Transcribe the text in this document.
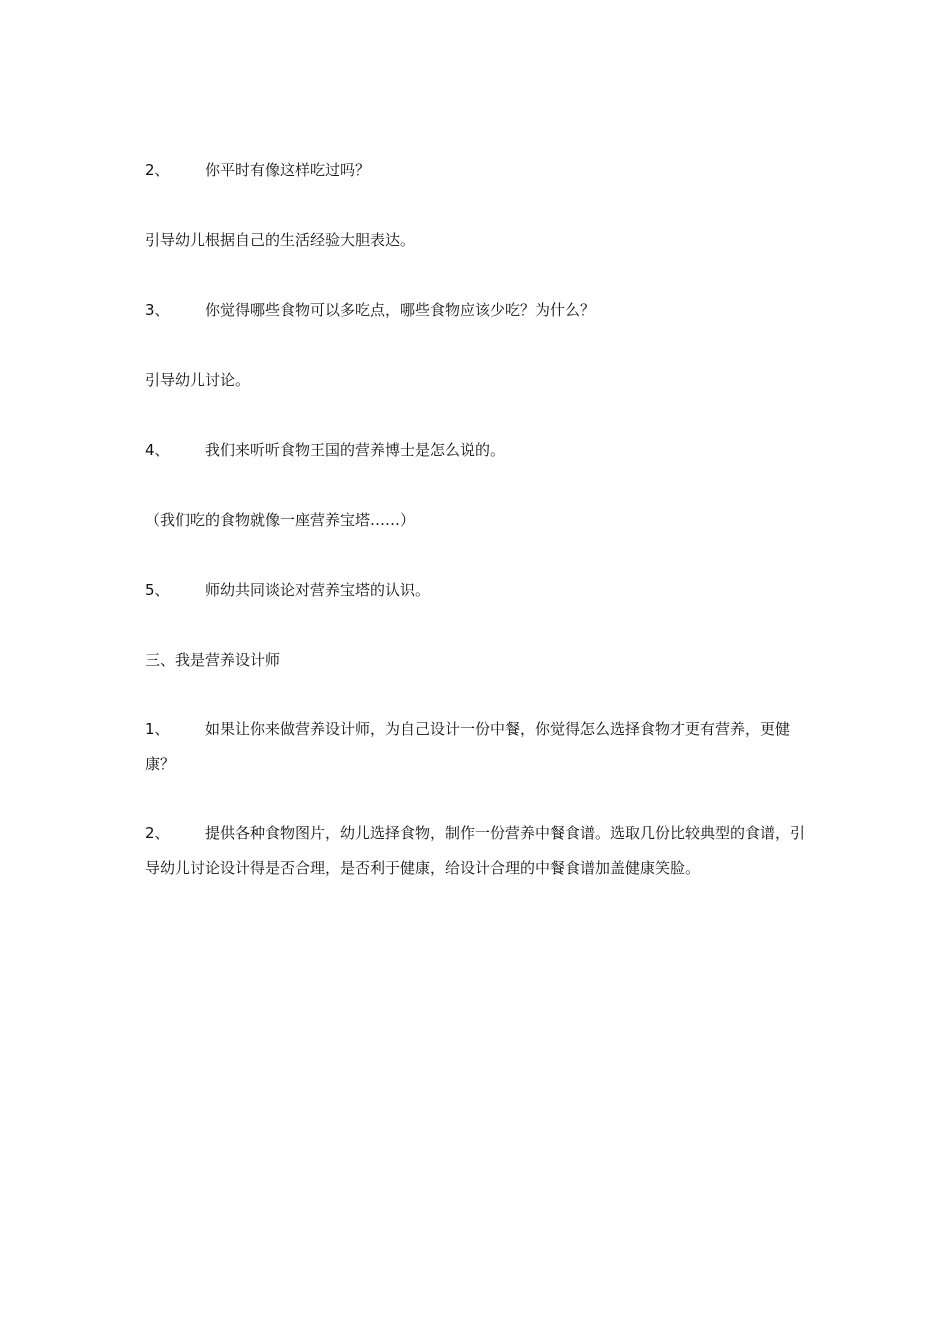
2、 你平时有像这样吃过吗？
引导幼儿根据自己的生活经验大胆表达。
3、 你觉得哪些食物可以多吃点，哪些食物应该少吃？为什么？
引导幼儿讨论。
4、 我们来听听食物王国的营养博士是怎么说的。
（我们吃的食物就像一座营养宝塔……）
5、 师幼共同谈论对营养宝塔的认识。
三、我是营养设计师
1、 如果让你来做营养设计师，为自己设计一份中餐，你觉得怎么选择食物才更有营养，更健康？
2、 提供各种食物图片，幼儿选择食物，制作一份营养中餐食谱。选取几份比较典型的食谱，引导幼儿讨论设计得是否合理，是否利于健康，给设计合理的中餐食谱加盖健康笑脸。
